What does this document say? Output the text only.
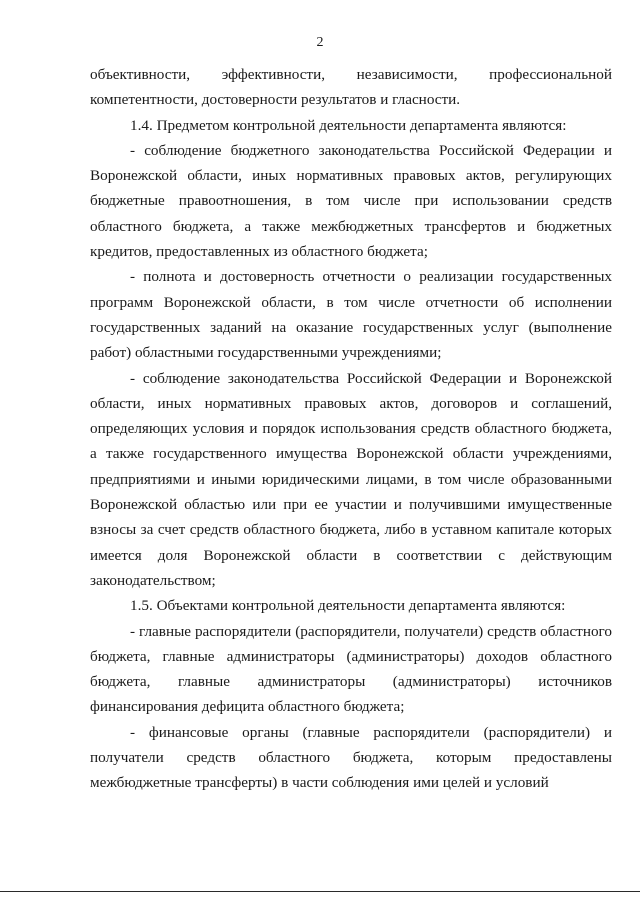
2

объективности, эффективности, независимости, профессиональной компетентности, достоверности результатов и гласности.

1.4. Предметом контрольной деятельности департамента являются:

- соблюдение бюджетного законодательства Российской Федерации и Воронежской области, иных нормативных правовых актов, регулирующих бюджетные правоотношения, в том числе при использовании средств областного бюджета, а также межбюджетных трансфертов и бюджетных кредитов, предоставленных из областного бюджета;

- полнота и достоверность отчетности о реализации государственных программ Воронежской области, в том числе отчетности об исполнении государственных заданий на оказание государственных услуг (выполнение работ) областными государственными учреждениями;

- соблюдение законодательства Российской Федерации и Воронежской области, иных нормативных правовых актов, договоров и соглашений, определяющих условия и порядок использования средств областного бюджета, а также государственного имущества Воронежской области учреждениями, предприятиями и иными юридическими лицами, в том числе образованными Воронежской областью или при ее участии и получившими имущественные взносы за счет средств областного бюджета, либо в уставном капитале которых имеется доля Воронежской области в соответствии с действующим законодательством;

1.5. Объектами контрольной деятельности департамента являются:

- главные распорядители (распорядители, получатели) средств областного бюджета, главные администраторы (администраторы) доходов областного бюджета, главные администраторы (администраторы) источников финансирования дефицита областного бюджета;

- финансовые органы (главные распорядители (распорядители) и получатели средств областного бюджета, которым предоставлены межбюджетные трансферты) в части соблюдения ими целей и условий
